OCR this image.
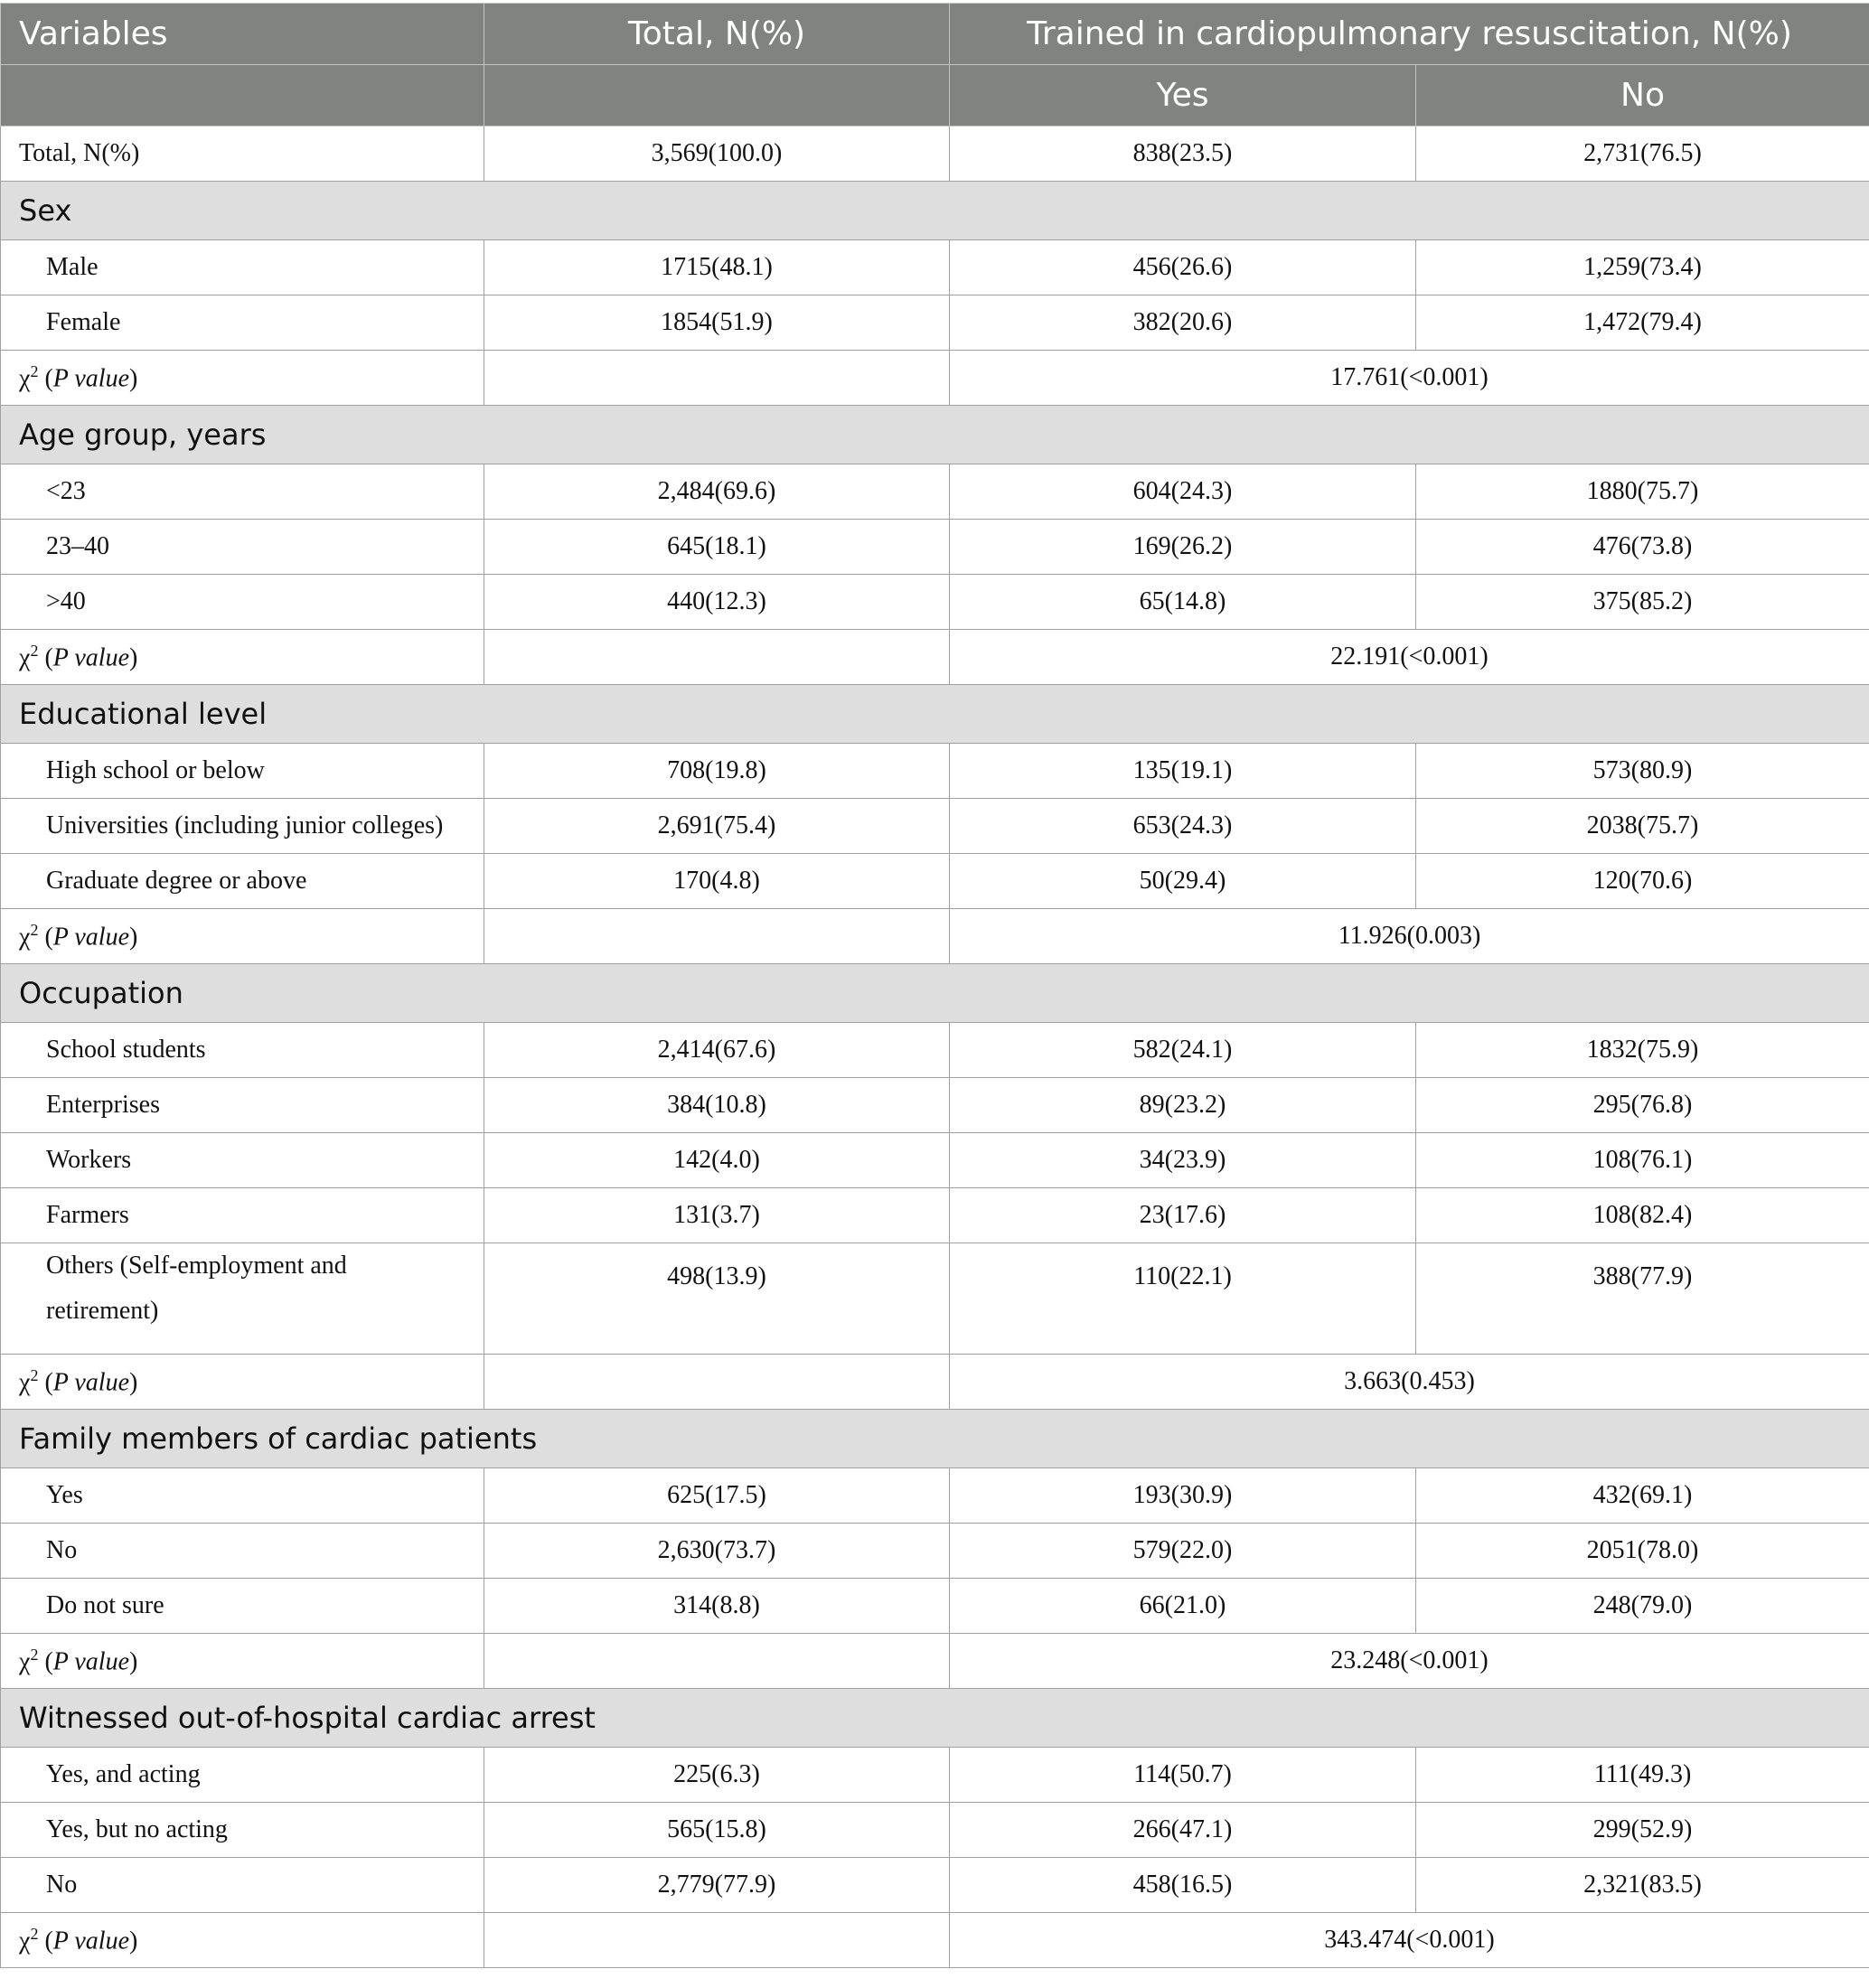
Variables	Total, N(%)	Trained in cardiopulmonary resuscitation, N(%)	
		Yes	No
Total, N(%)	3,569(100.0)	838(23.5)	2,731(76.5)
Sex			
Male	1715(48.1)	456(26.6)	1,259(73.4)
Female	1854(51.9)	382(20.6)	1,472(79.4)
$\chi^2$ (P value)		17.761(<0.001)	
Age group, years			
<23	2,484(69.6)	604(24.3)	1880(75.7)
23–40	645(18.1)	169(26.2)	476(73.8)
>40	440(12.3)	65(14.8)	375(85.2)
$\chi^2$ (P value)		22.191(<0.001)	
Educational level			
High school or below	708(19.8)	135(19.1)	573(80.9)
Universities (including junior colleges)	2,691(75.4)	653(24.3)	2038(75.7)
Graduate degree or above	170(4.8)	50(29.4)	120(70.6)
$\chi^2$ (P value)		11.926(0.003)	
Occupation			
School students	2,414(67.6)	582(24.1)	1832(75.9)
Enterprises	384(10.8)	89(23.2)	295(76.8)
Workers	142(4.0)	34(23.9)	108(76.1)
Farmers	131(3.7)	23(17.6)	108(82.4)
Others (Self-employment and retirement)	498(13.9)	110(22.1)	388(77.9)
$\chi^2$ (P value)		3.663(0.453)	
Family members of cardiac patients			
Yes	625(17.5)	193(30.9)	432(69.1)
No	2,630(73.7)	579(22.0)	2051(78.0)
Do not sure	314(8.8)	66(21.0)	248(79.0)
$\chi^2$ (P value)		23.248(<0.001)	
Witnessed out-of-hospital cardiac arrest			
Yes, and acting	225(6.3)	114(50.7)	111(49.3)
Yes, but no acting	565(15.8)	266(47.1)	299(52.9)
No	2,779(77.9)	458(16.5)	2,321(83.5)
$\chi^2$ (P value)		343.474(<0.001)	
